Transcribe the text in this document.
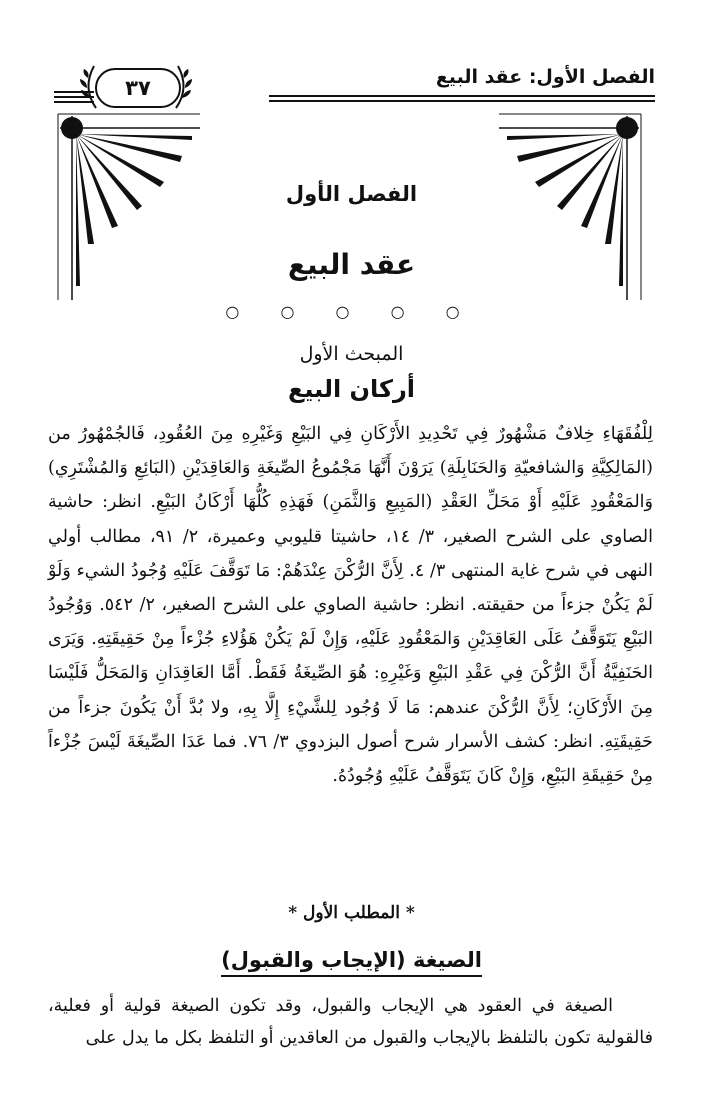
الفصل الأول: عقد البيع
٣٧
الفصل الأول
عقد البيع
○ ○ ○ ○ ○
المبحث الأول
أركان البيع

لِلْفُقَهَاءِ خِلافٌ مَشْهُورٌ فِي تَحْدِيدِ الأَرْكَانِ فِي البَيْعِ وَغَيْرِهِ مِنَ العُقُودِ، فَالجُمْهُورُ من (المَالِكِيَّةِ وَالشافعيّةِ وَالحَنَابِلَةِ) يَرَوْنَ أَنَّهَا مَجْمُوعُ الصِّيغَةِ وَالعَاقِدَيْنِ (البَائِعِ وَالمُشْتَرِي) وَالمَعْقُودِ عَلَيْهِ أَوْ مَحَلِّ العَقْدِ (المَبِيعِ وَالثَّمَنِ) فَهَذِهِ كُلُّهَا أَرْكَانُ البَيْعِ. انظر: حاشية الصاوي على الشرح الصغير، ٣/ ١٤، حاشيتا قليوبي وعميرة، ٢/ ٩١، مطالب أولي النهى في شرح غاية المنتهى ٣/ ٤. لِأَنَّ الرُّكْنَ عِنْدَهُمْ: مَا تَوَقَّفَ عَلَيْهِ وُجُودُ الشيء وَلَوْ لَمْ يَكُنْ جزءاً من حقيقته. انظر: حاشية الصاوي على الشرح الصغير، ٢/ ٥٤٢. وَوُجُودُ البَيْعِ يَتَوَقَّفُ عَلَى العَاقِدَيْنِ وَالمَعْقُودِ عَلَيْهِ، وَإِنْ لَمْ يَكُنْ هَؤُلاءِ جُزْءاً مِنْ حَقِيقَتِهِ. وَيَرَى الحَنَفِيَّةُ أَنَّ الرُّكْنَ فِي عَقْدِ البَيْعِ وَغَيْرِهِ: هُوَ الصِّيغَةُ فَقَطْ. أَمَّا العَاقِدَانِ وَالمَحَلُّ فَلَيْسَا مِنَ الأَرْكَانِ؛ لِأَنَّ الرُّكْنَ عندهم: مَا لَا وُجُود لِلشَّيْءِ إِلَّا بِهِ، ولا بُدَّ أَنْ يَكُونَ جزءاً من حَقِيقَتِهِ. انظر: كشف الأسرار شرح أصول البزدوي ٣/ ٧٦. فما عَدَا الصِّيغَةَ لَيْسَ جُزْءاً مِنْ حَقِيقَةِ البَيْعِ، وَإِنْ كَانَ يَتَوَقَّفُ عَلَيْهِ وُجُودُهُ.

* المطلب الأول *
الصيغة (الإيجاب والقبول)

الصيغة في العقود هي الإيجاب والقبول، وقد تكون الصيغة قولية أو فعلية، فالقولية تكون بالتلفظ بالإيجاب والقبول من العاقدين أو التلفظ بكل ما يدل على
